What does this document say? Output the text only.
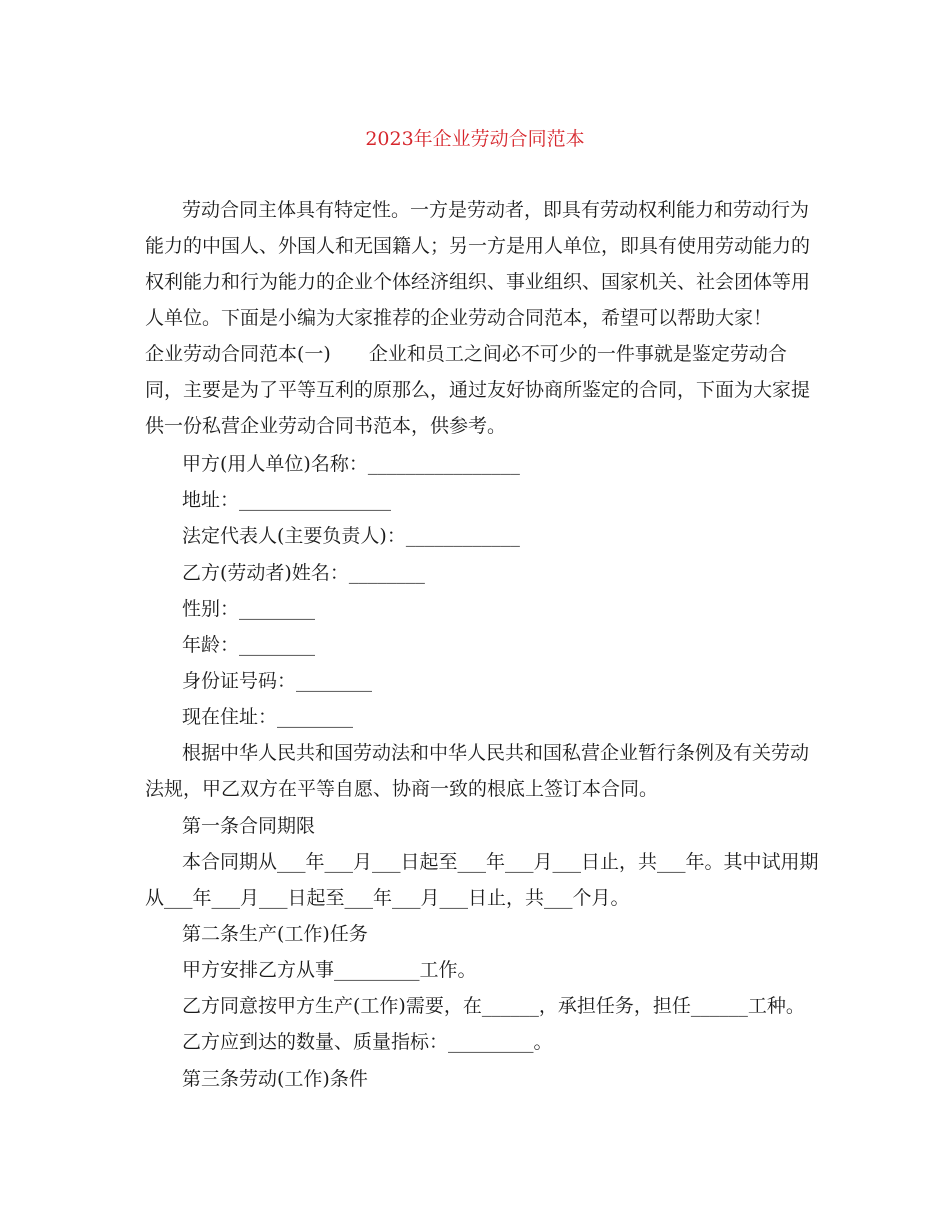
2023年企业劳动合同范本
劳动合同主体具有特定性。一方是劳动者，即具有劳动权利能力和劳动行为
能力的中国人、外国人和无国籍人；另一方是用人单位，即具有使用劳动能力的
权利能力和行为能力的企业个体经济组织、事业组织、国家机关、社会团体等用
人单位。下面是小编为大家推荐的企业劳动合同范本，希望可以帮助大家！
企业劳动合同范本(一)　　企业和员工之间必不可少的一件事就是鉴定劳动合
同，主要是为了平等互利的原那么，通过友好协商所鉴定的合同，下面为大家提
供一份私营企业劳动合同书范本，供参考。
甲方(用人单位)名称：________________
地址：________________
法定代表人(主要负责人)：____________
乙方(劳动者)姓名：________
性别：________
年龄：________
身份证号码：________
现在住址：________
根据中华人民共和国劳动法和中华人民共和国私营企业暂行条例及有关劳动
法规，甲乙双方在平等自愿、协商一致的根底上签订本合同。
第一条合同期限
本合同期从___年___月___日起至___年___月___日止，共___年。其中试用期
从___年___月___日起至___年___月___日止，共___个月。
第二条生产(工作)任务
甲方安排乙方从事_________工作。
乙方同意按甲方生产(工作)需要，在______，承担任务，担任______工种。
乙方应到达的数量、质量指标：_________。
第三条劳动(工作)条件
